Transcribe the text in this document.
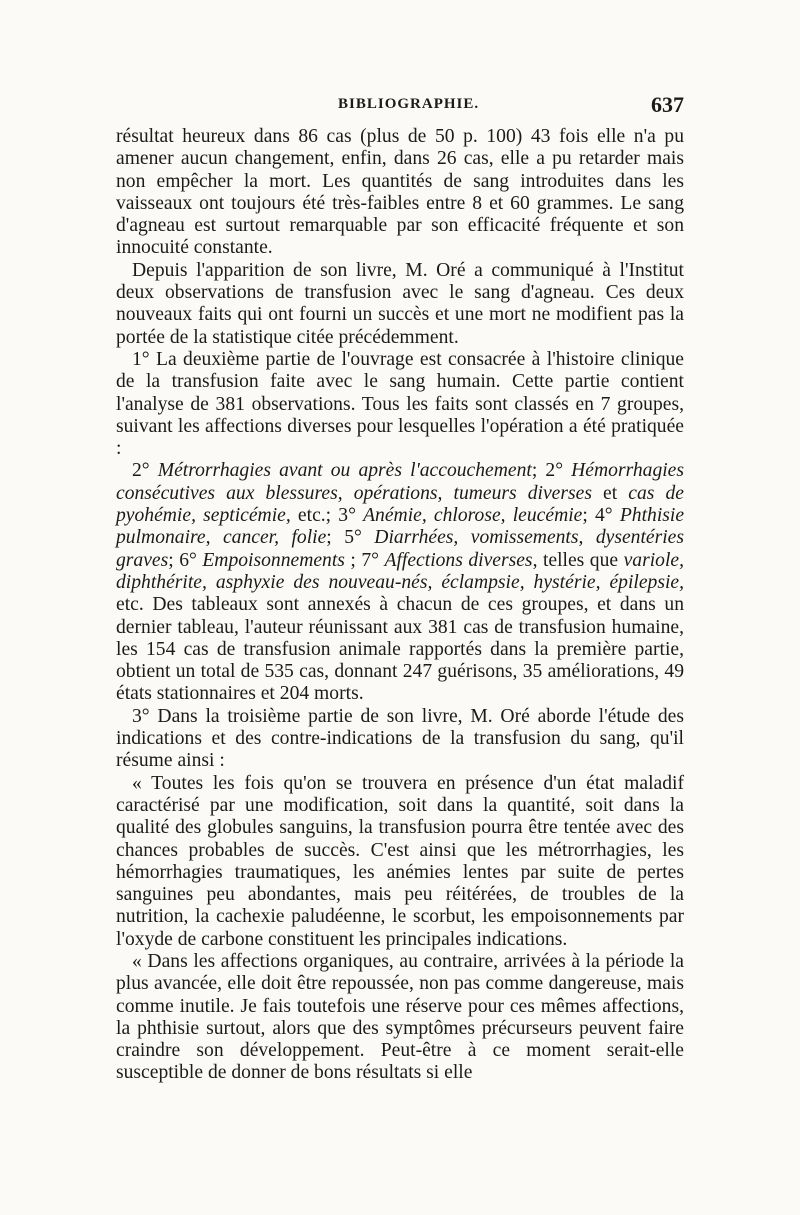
BIBLIOGRAPHIE.	637

résultat heureux dans 86 cas (plus de 50 p. 100) 43 fois elle n'a pu amener aucun changement, enfin, dans 26 cas, elle a pu retarder mais non empêcher la mort. Les quantités de sang introduites dans les vaisseaux ont toujours été très-faibles entre 8 et 60 grammes. Le sang d'agneau est surtout remarquable par son efficacité fréquente et son innocuité constante.

Depuis l'apparition de son livre, M. Oré a communiqué à l'Institut deux observations de transfusion avec le sang d'agneau. Ces deux nouveaux faits qui ont fourni un succès et une mort ne modifient pas la portée de la statistique citée précédemment.

1° La deuxième partie de l'ouvrage est consacrée à l'histoire clinique de la transfusion faite avec le sang humain. Cette partie contient l'analyse de 381 observations. Tous les faits sont classés en 7 groupes, suivant les affections diverses pour lesquelles l'opération a été pratiquée :

2° Métrorrhagies avant ou après l'accouchement; 2° Hémorrhagies consécutives aux blessures, opérations, tumeurs diverses et cas de pyohémie, septicémie, etc.; 3° Anémie, chlorose, leucémie; 4° Phthisie pulmonaire, cancer, folie; 5° Diarrhées, vomissements, dysentéries graves; 6° Empoisonnements ; 7° Affections diverses, telles que variole, diphthérite, asphyxie des nouveau-nés, éclampsie, hystérie, épilepsie, etc. Des tableaux sont annexés à chacun de ces groupes, et dans un dernier tableau, l'auteur réunissant aux 381 cas de transfusion humaine, les 154 cas de transfusion animale rapportés dans la première partie, obtient un total de 535 cas, donnant 247 guérisons, 35 améliorations, 49 états stationnaires et 204 morts.

3° Dans la troisième partie de son livre, M. Oré aborde l'étude des indications et des contre-indications de la transfusion du sang, qu'il résume ainsi :

« Toutes les fois qu'on se trouvera en présence d'un état maladif caractérisé par une modification, soit dans la quantité, soit dans la qualité des globules sanguins, la transfusion pourra être tentée avec des chances probables de succès. C'est ainsi que les métrorrhagies, les hémorrhagies traumatiques, les anémies lentes par suite de pertes sanguines peu abondantes, mais peu réitérées, de troubles de la nutrition, la cachexie paludéenne, le scorbut, les empoisonnements par l'oxyde de carbone constituent les principales indications.

« Dans les affections organiques, au contraire, arrivées à la période la plus avancée, elle doit être repoussée, non pas comme dangereuse, mais comme inutile. Je fais toutefois une réserve pour ces mêmes affections, la phthisie surtout, alors que des symptômes précurseurs peuvent faire craindre son développement. Peut-être à ce moment serait-elle susceptible de donner de bons résultats si elle
